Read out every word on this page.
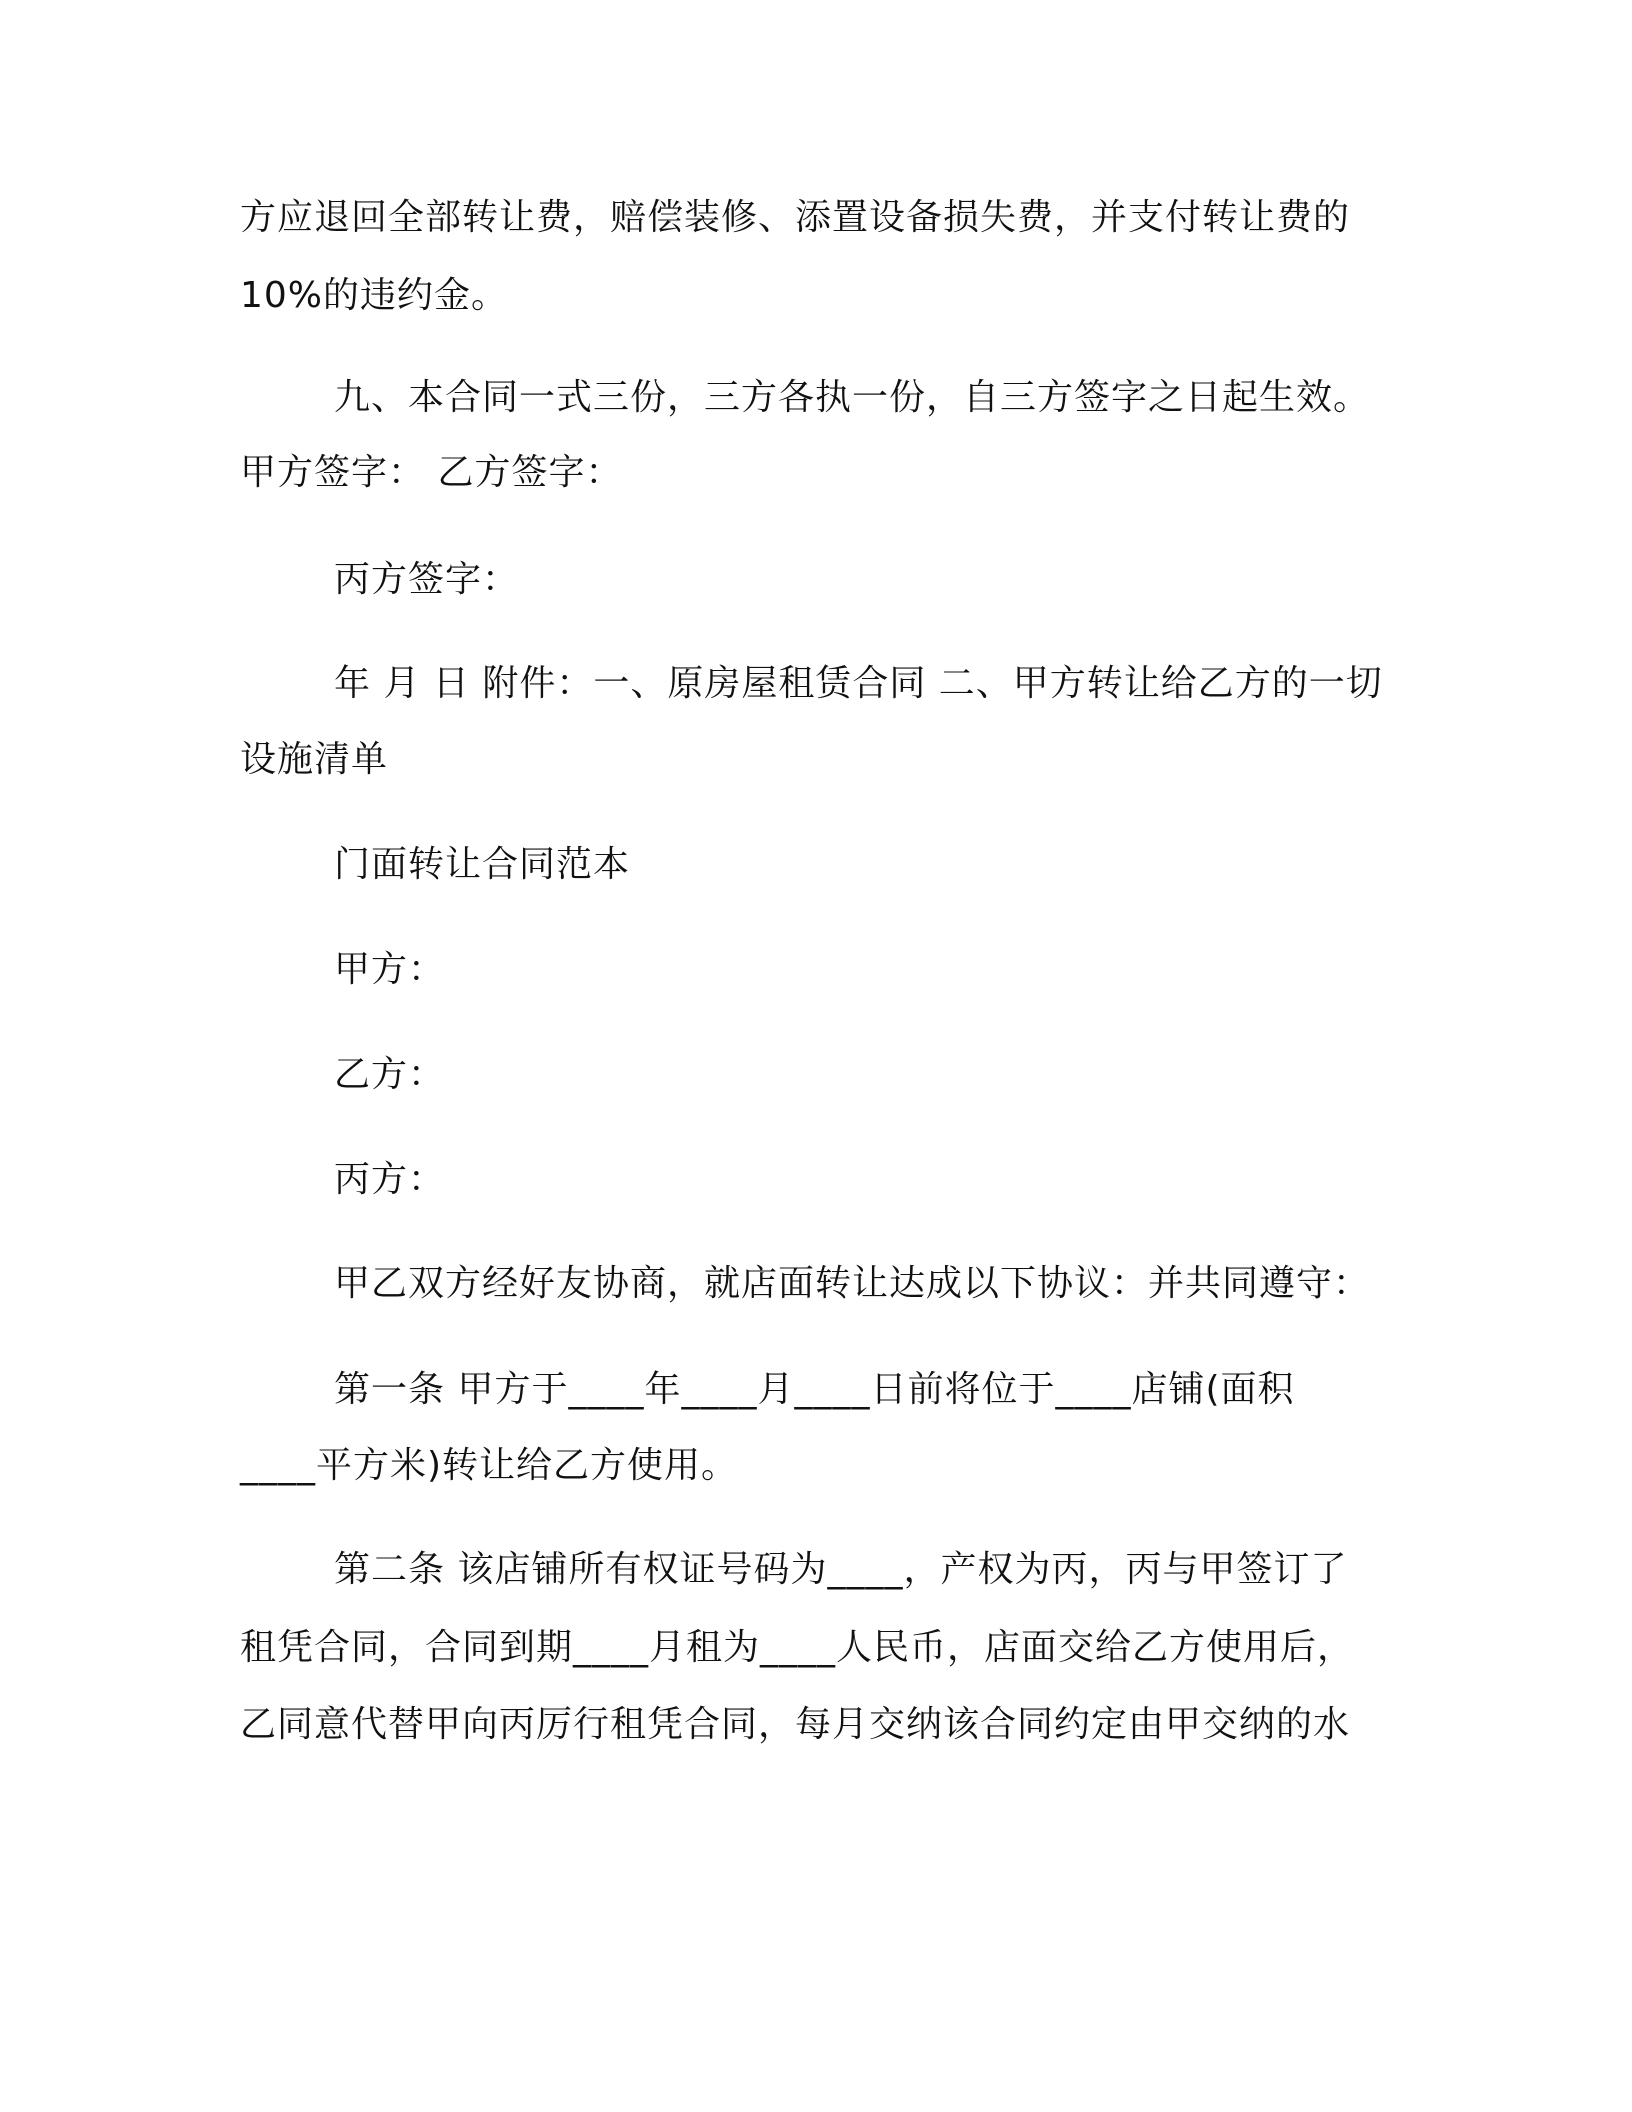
方应退回全部转让费，赔偿装修、添置设备损失费，并支付转让费的
10%的违约金。
九、本合同一式三份，三方各执一份，自三方签字之日起生效。
甲方签字： 乙方签字：
丙方签字：
年 月 日 附件：一、原房屋租赁合同 二、甲方转让给乙方的一切
设施清单
门面转让合同范本
甲方：
乙方：
丙方：
甲乙双方经好友协商，就店面转让达成以下协议：并共同遵守：
第一条 甲方于____年____月____日前将位于____店铺(面积
____平方米)转让给乙方使用。
第二条 该店铺所有权证号码为____，产权为丙，丙与甲签订了
租凭合同，合同到期____月租为____人民币，店面交给乙方使用后，
乙同意代替甲向丙厉行租凭合同，每月交纳该合同约定由甲交纳的水
